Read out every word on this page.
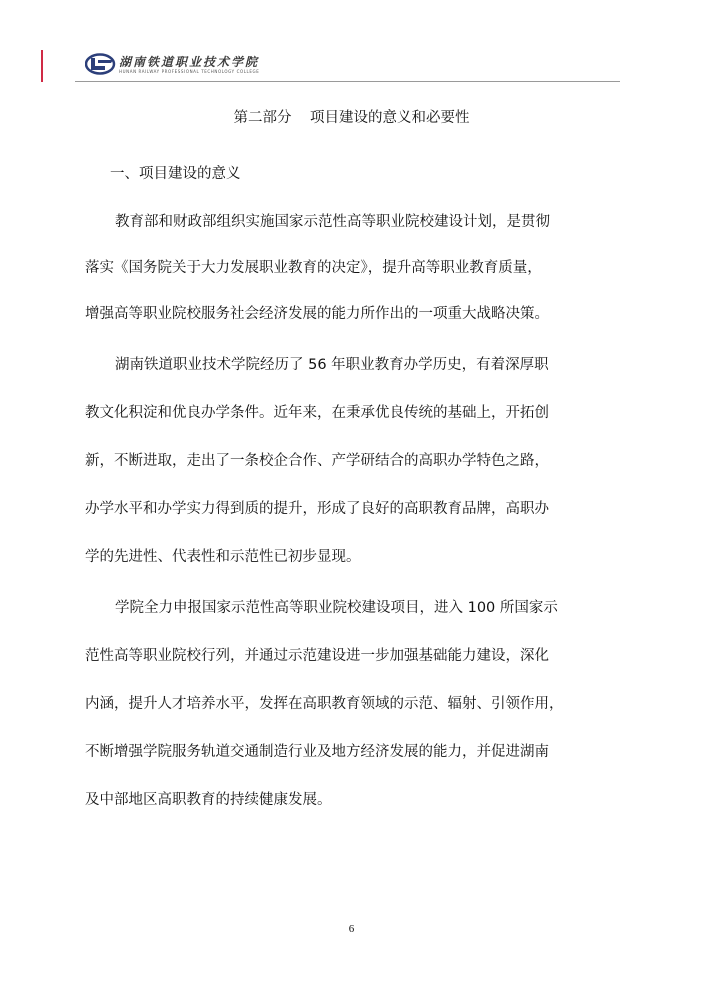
湖南铁道职业技术学院
HUNAN RAILWAY PROFESSIONAL TECHNOLOGY COLLEGE
第二部分    项目建设的意义和必要性
一、项目建设的意义
教育部和财政部组织实施国家示范性高等职业院校建设计划，是贯彻
落实《国务院关于大力发展职业教育的决定》，提升高等职业教育质量，
增强高等职业院校服务社会经济发展的能力所作出的一项重大战略决策。
湖南铁道职业技术学院经历了 56 年职业教育办学历史，有着深厚职
教文化积淀和优良办学条件。近年来，在秉承优良传统的基础上，开拓创
新，不断进取，走出了一条校企合作、产学研结合的高职办学特色之路，
办学水平和办学实力得到质的提升，形成了良好的高职教育品牌，高职办
学的先进性、代表性和示范性已初步显现。
学院全力申报国家示范性高等职业院校建设项目，进入 100 所国家示
范性高等职业院校行列，并通过示范建设进一步加强基础能力建设，深化
内涵，提升人才培养水平，发挥在高职教育领域的示范、辐射、引领作用，
不断增强学院服务轨道交通制造行业及地方经济发展的能力，并促进湖南
及中部地区高职教育的持续健康发展。
6
